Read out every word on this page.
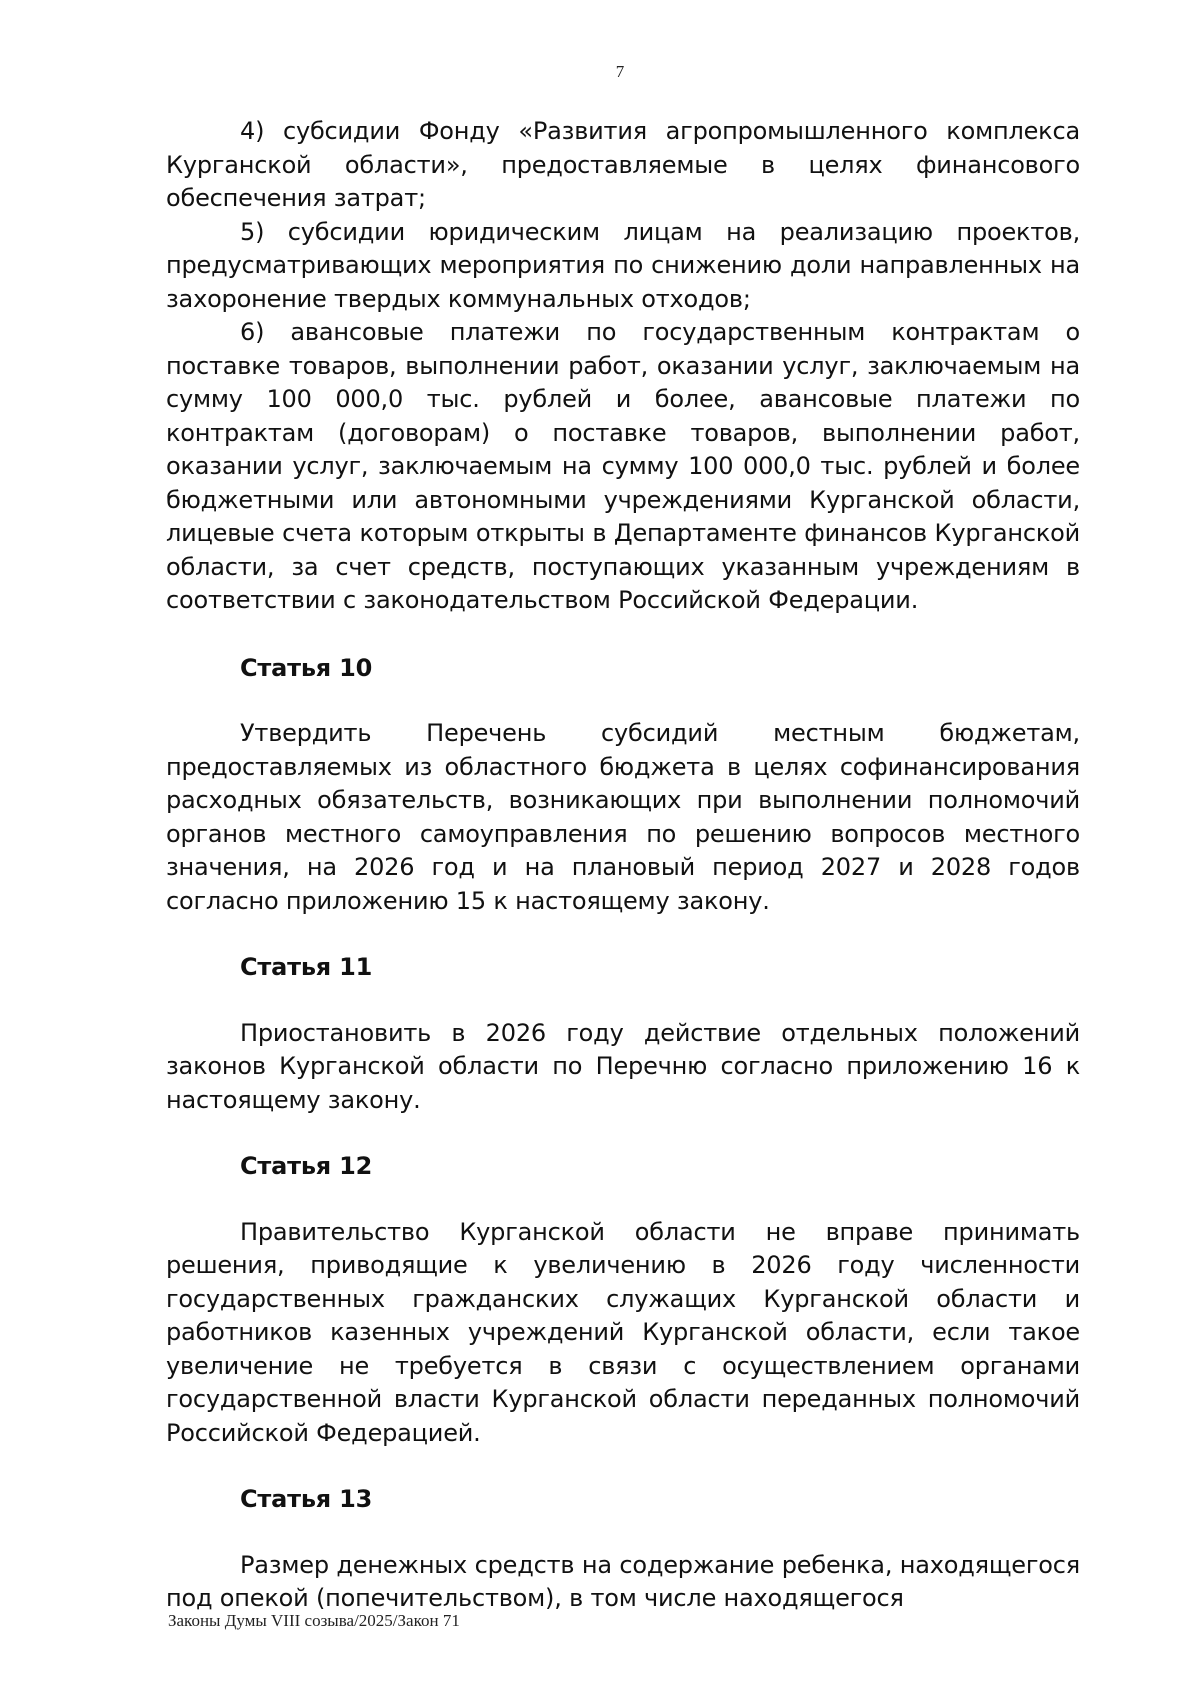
7

4) субсидии Фонду «Развития агропромышленного комплекса Курганской области», предоставляемые в целях финансового обеспечения затрат;

5) субсидии юридическим лицам на реализацию проектов, предусматривающих мероприятия по снижению доли направленных на захоронение твердых коммунальных отходов;

6) авансовые платежи по государственным контрактам о поставке товаров, выполнении работ, оказании услуг, заключаемым на сумму 100 000,0 тыс. рублей и более, авансовые платежи по контрактам (договорам) о поставке товаров, выполнении работ, оказании услуг, заключаемым на сумму 100 000,0 тыс. рублей и более бюджетными или автономными учреждениями Курганской области, лицевые счета которым открыты в Департаменте финансов Курганской области, за счет средств, поступающих указанным учреждениям в соответствии с законодательством Российской Федерации.

Статья 10

Утвердить Перечень субсидий местным бюджетам, предоставляемых из областного бюджета в целях софинансирования расходных обязательств, возникающих при выполнении полномочий органов местного самоуправления по решению вопросов местного значения, на 2026 год и на плановый период 2027 и 2028 годов согласно приложению 15 к настоящему закону.

Статья 11

Приостановить в 2026 году действие отдельных положений законов Курганской области по Перечню согласно приложению 16 к настоящему закону.

Статья 12

Правительство Курганской области не вправе принимать решения, приводящие к увеличению в 2026 году численности государственных гражданских служащих Курганской области и работников казенных учреждений Курганской области, если такое увеличение не требуется в связи с осуществлением органами государственной власти Курганской области переданных полномочий Российской Федерацией.

Статья 13

Размер денежных средств на содержание ребенка, находящегося под опекой (попечительством), в том числе находящегося

Законы Думы VIII созыва/2025/Закон 71
